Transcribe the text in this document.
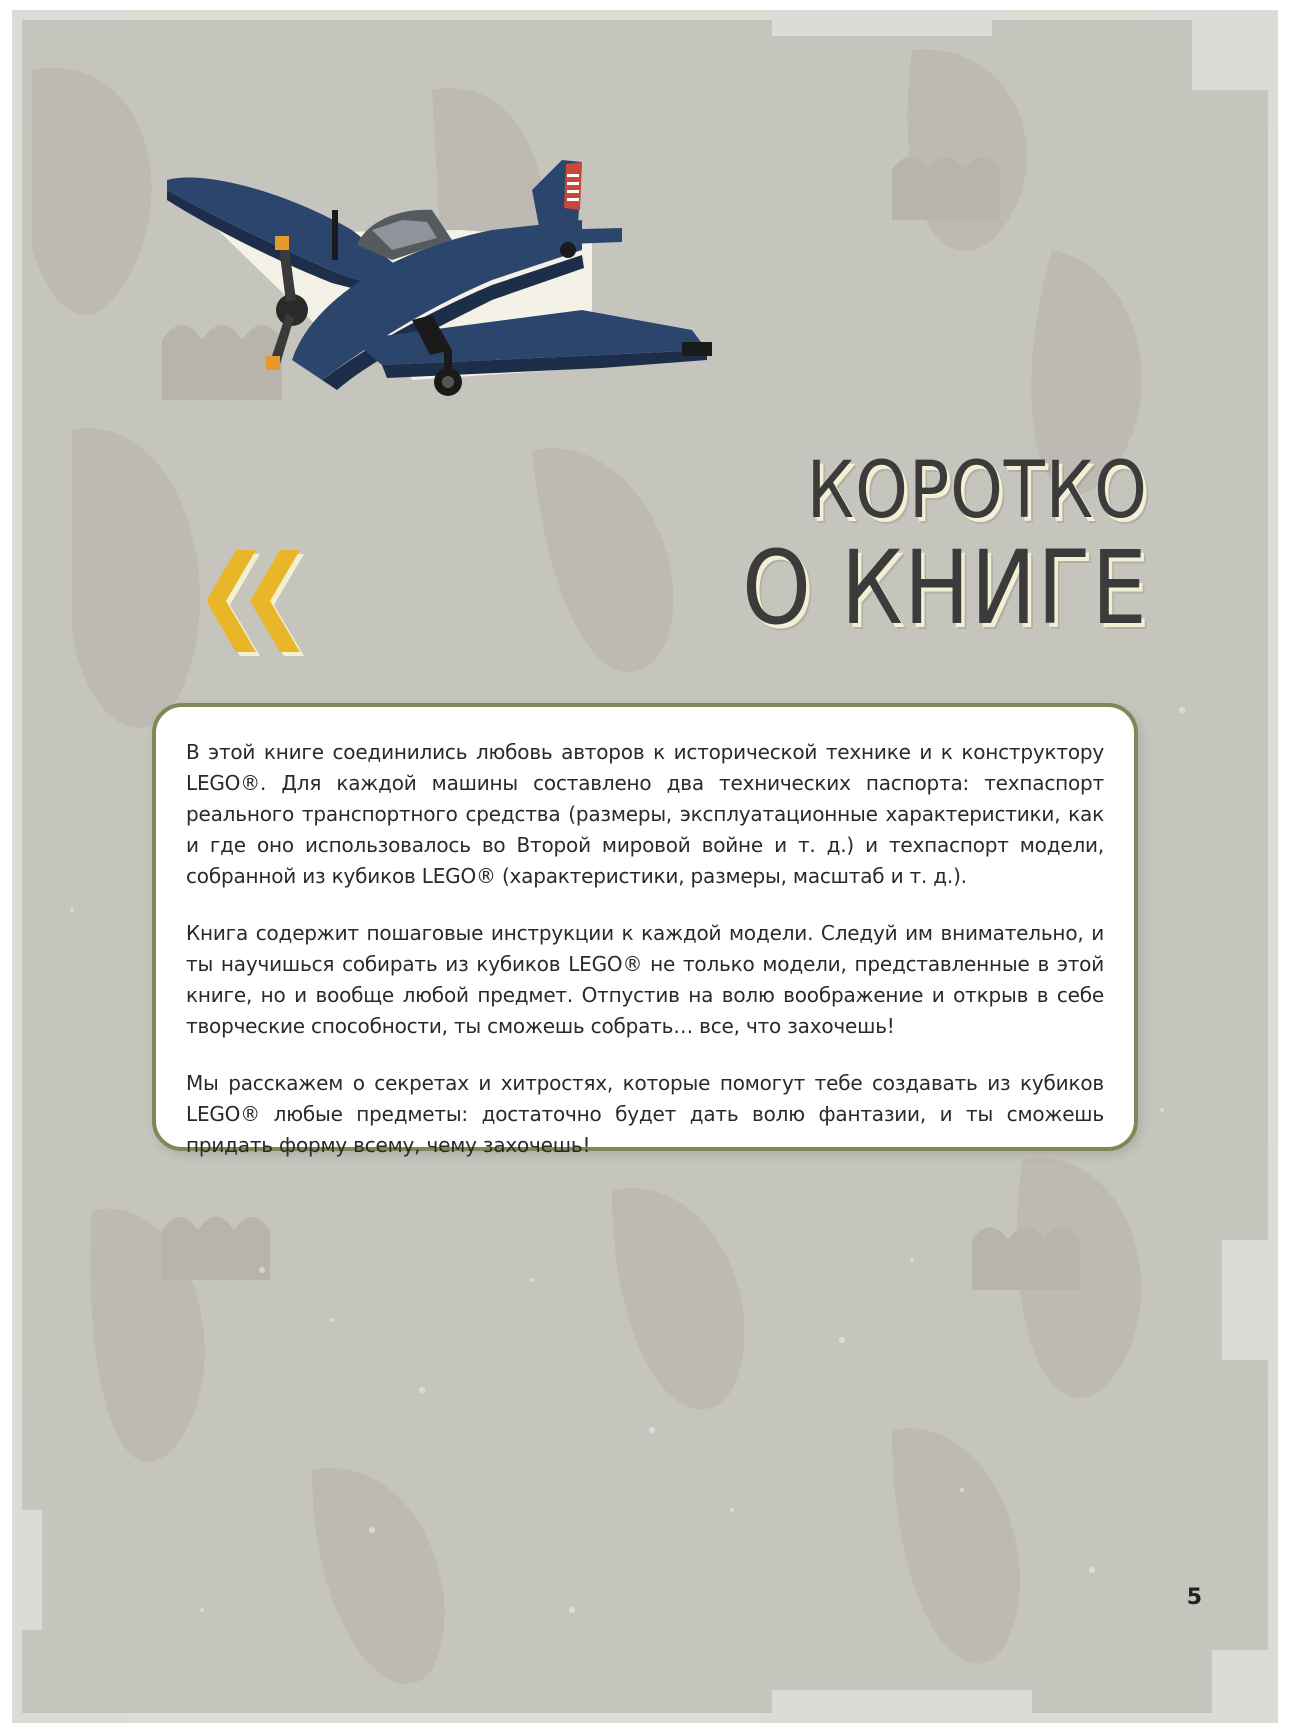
КОРОТКО
О КНИГЕ

В этой книге соединились любовь авторов к исторической технике и к конструктору LEGO®. Для каждой машины составлено два технических паспорта: техпаспорт реального транспортного средства (размеры, эксплуатационные характеристики, как и где оно использовалось во Второй мировой войне и т. д.) и техпаспорт модели, собранной из кубиков LEGO® (характеристики, размеры, масштаб и т. д.).

Книга содержит пошаговые инструкции к каждой модели. Следуй им внимательно, и ты научишься собирать из кубиков LEGO® не только модели, представленные в этой книге, но и вообще любой предмет. Отпустив на волю воображение и открыв в себе творческие способности, ты сможешь собрать… все, что захочешь!

Мы расскажем о секретах и хитростях, которые помогут тебе создавать из кубиков LEGO® любые предметы: достаточно будет дать волю фантазии, и ты сможешь придать форму всему, чему захочешь!

5
